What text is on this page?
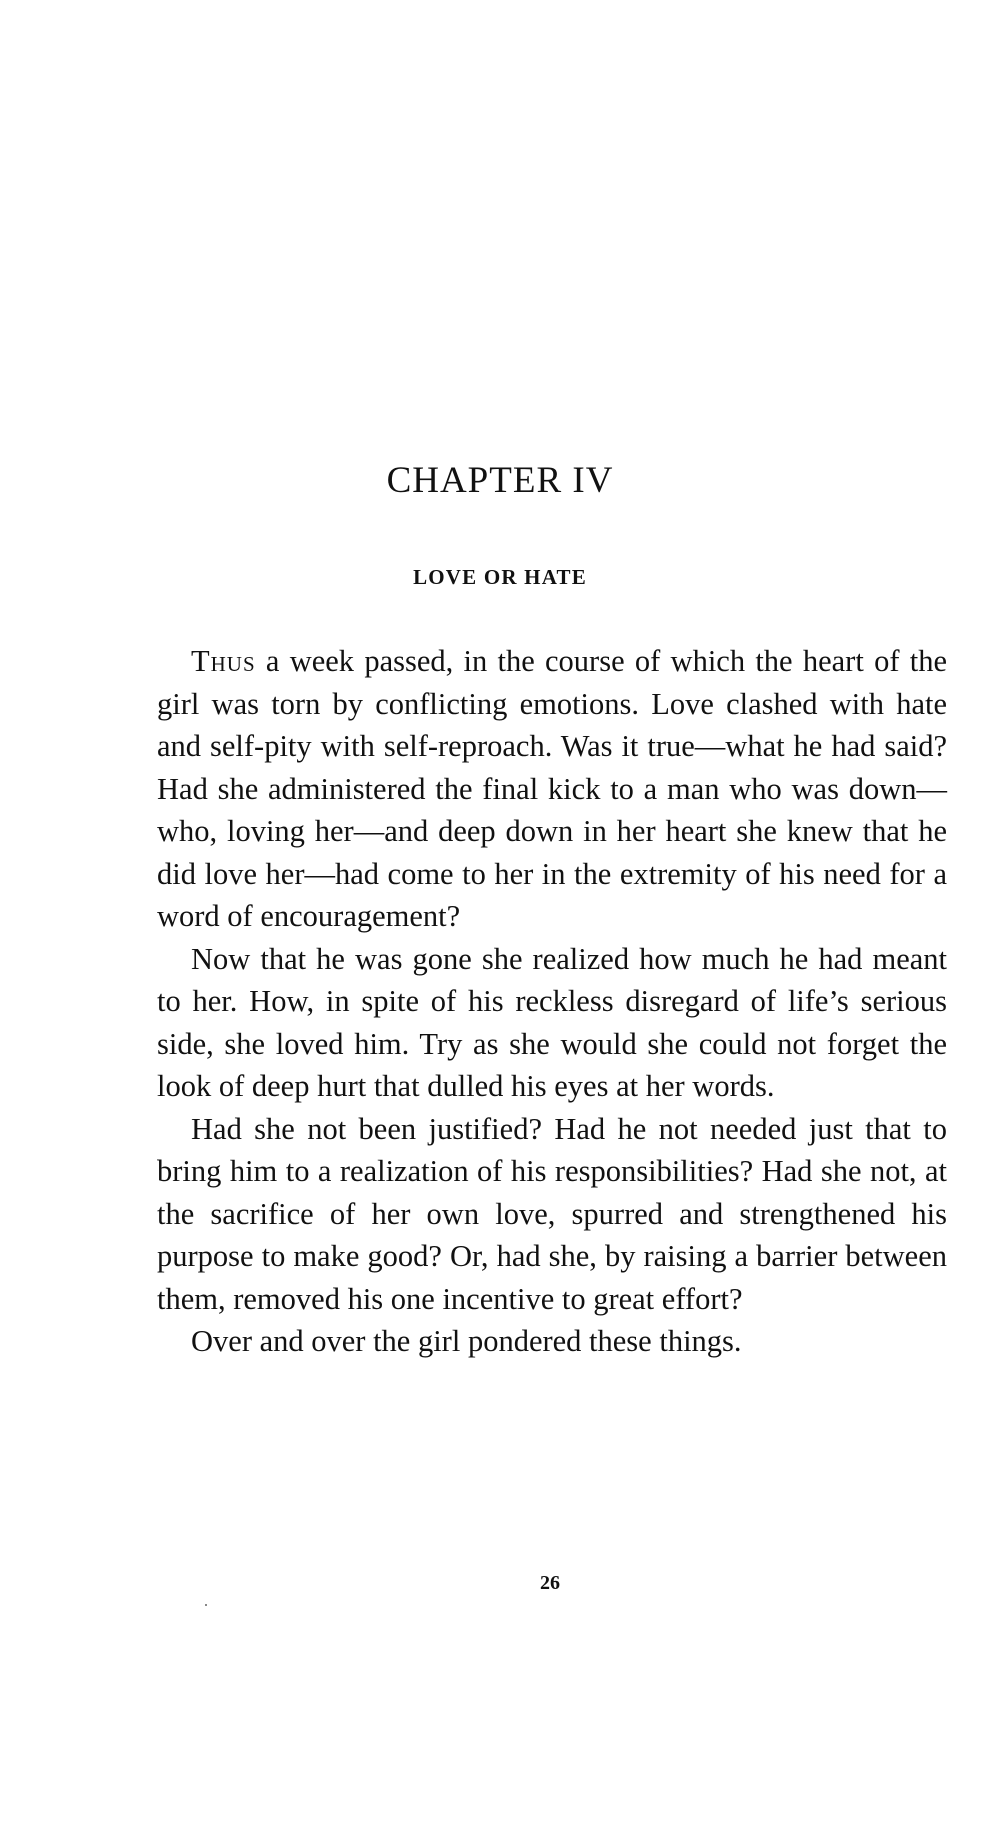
CHAPTER IV
LOVE OR HATE

Thus a week passed, in the course of which the heart of the girl was torn by conflicting emotions. Love clashed with hate and self-pity with self-reproach. Was it true—what he had said? Had she administered the final kick to a man who was down—who, loving her—and deep down in her heart she knew that he did love her—had come to her in the extremity of his need for a word of encouragement?

Now that he was gone she realized how much he had meant to her. How, in spite of his reckless disregard of life’s serious side, she loved him. Try as she would she could not forget the look of deep hurt that dulled his eyes at her words.

Had she not been justified? Had he not needed just that to bring him to a realization of his responsibilities? Had she not, at the sacrifice of her own love, spurred and strengthened his purpose to make good? Or, had she, by raising a barrier between them, removed his one incentive to great effort?

Over and over the girl pondered these things.

26
